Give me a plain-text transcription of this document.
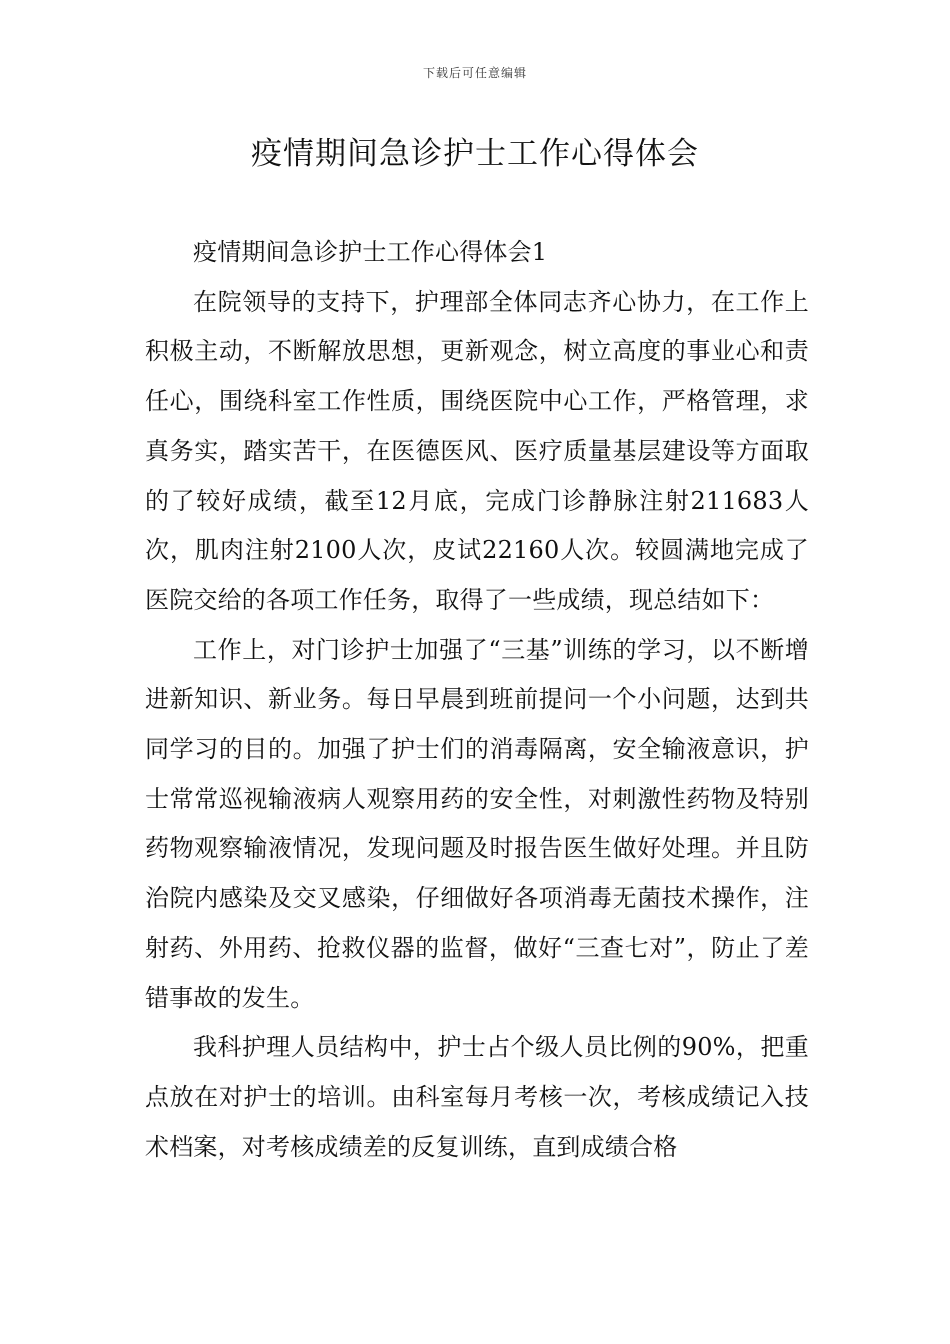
下载后可任意编辑
疫情期间急诊护士工作心得体会

疫情期间急诊护士工作心得体会1

在院领导的支持下，护理部全体同志齐心协力，在工作上积极主动，不断解放思想，更新观念，树立高度的事业心和责任心，围绕科室工作性质，围绕医院中心工作，严格管理，求真务实，踏实苦干，在医德医风、医疗质量基层建设等方面取的了较好成绩，截至12月底，完成门诊静脉注射211683人次，肌肉注射2100人次，皮试22160人次。较圆满地完成了医院交给的各项工作任务，取得了一些成绩，现总结如下：

工作上，对门诊护士加强了“三基”训练的学习，以不断增进新知识、新业务。每日早晨到班前提问一个小问题，达到共同学习的目的。加强了护士们的消毒隔离，安全输液意识，护士常常巡视输液病人观察用药的安全性，对刺激性药物及特别药物观察输液情况，发现问题及时报告医生做好处理。并且防治院内感染及交叉感染，仔细做好各项消毒无菌技术操作，注射药、外用药、抢救仪器的监督，做好“三查七对”，防止了差错事故的发生。

我科护理人员结构中，护士占个级人员比例的90%，把重点放在对护士的培训。由科室每月考核一次，考核成绩记入技术档案，对考核成绩差的反复训练，直到成绩合格
